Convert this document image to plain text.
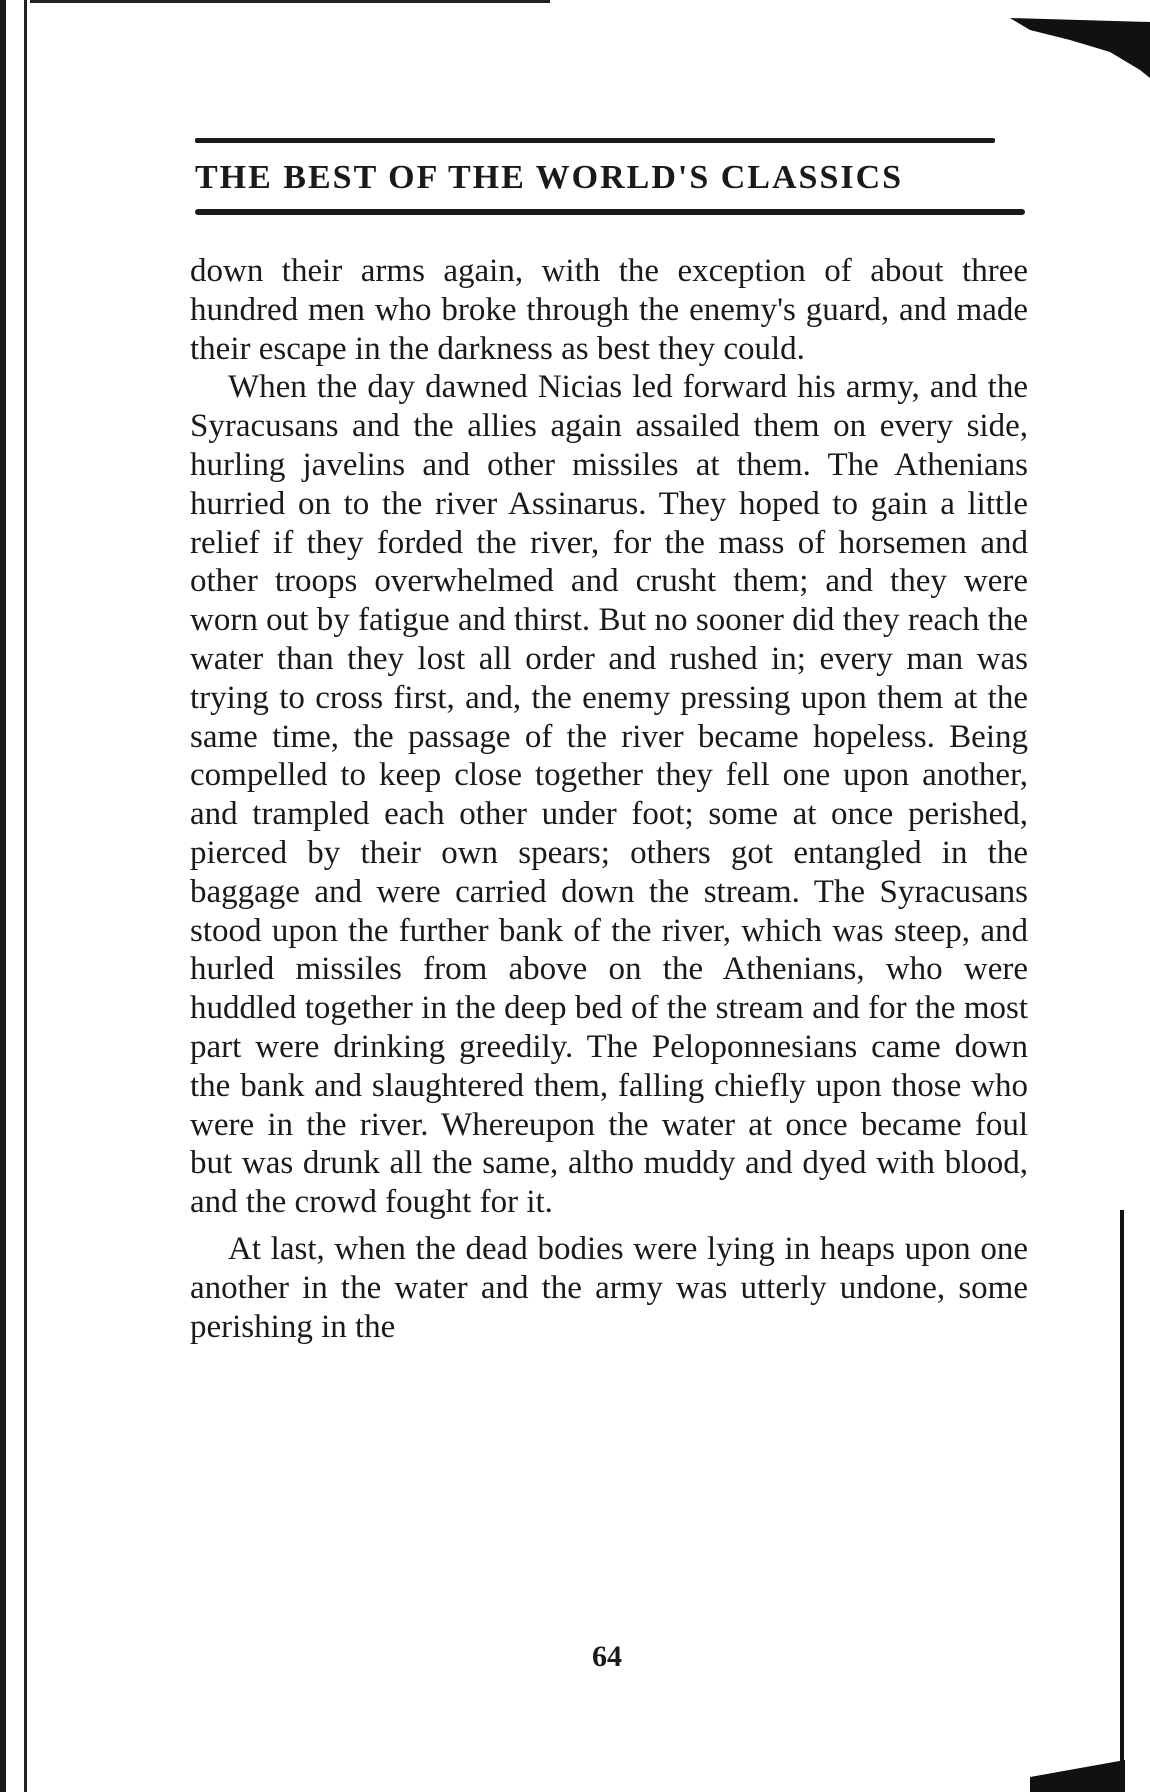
THE BEST OF THE WORLD'S CLASSICS

down their arms again, with the exception of about three hundred men who broke through the enemy's guard, and made their escape in the darkness as best they could.

When the day dawned Nicias led forward his army, and the Syracusans and the allies again assailed them on every side, hurling javelins and other missiles at them. The Athenians hurried on to the river Assinarus. They hoped to gain a little relief if they forded the river, for the mass of horsemen and other troops overwhelmed and crusht them; and they were worn out by fatigue and thirst. But no sooner did they reach the water than they lost all order and rushed in; every man was trying to cross first, and, the enemy pressing upon them at the same time, the passage of the river became hopeless. Being compelled to keep close together they fell one upon another, and trampled each other under foot; some at once perished, pierced by their own spears; others got entangled in the baggage and were carried down the stream. The Syracusans stood upon the further bank of the river, which was steep, and hurled missiles from above on the Athenians, who were huddled together in the deep bed of the stream and for the most part were drinking greedily. The Peloponnesians came down the bank and slaughtered them, falling chiefly upon those who were in the river. Whereupon the water at once became foul but was drunk all the same, altho muddy and dyed with blood, and the crowd fought for it.

At last, when the dead bodies were lying in heaps upon one another in the water and the army was utterly undone, some perishing in the

64
